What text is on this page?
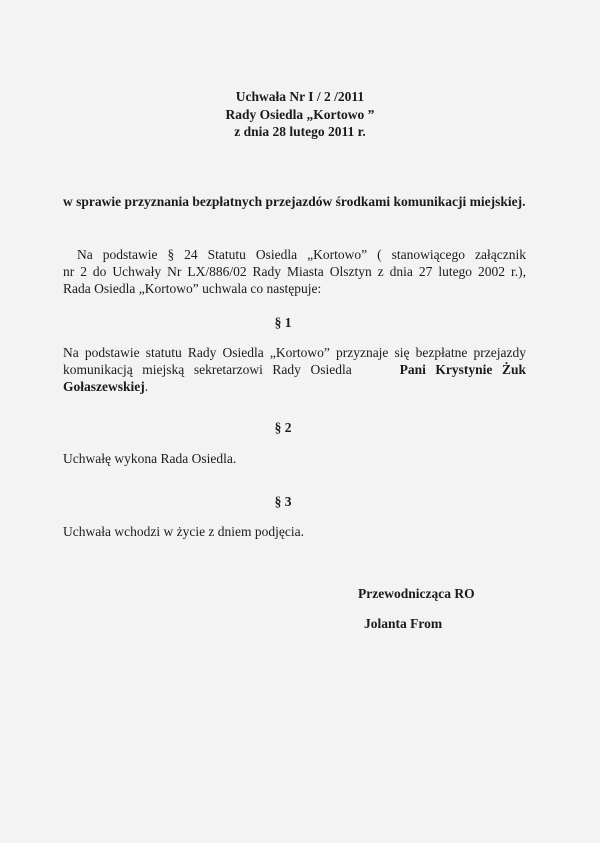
Uchwała Nr I / 2 /2011
Rady Osiedla „Kortowo ”
z dnia 28 lutego 2011 r.
w sprawie przyznania bezpłatnych przejazdów środkami komunikacji miejskiej.
Na podstawie § 24 Statutu Osiedla „Kortowo” ( stanowiącego załącznik
nr 2 do Uchwały Nr LX/886/02 Rady Miasta Olsztyn z dnia 27 lutego 2002 r.),
Rada Osiedla „Kortowo” uchwala co następuje:
§ 1
Na podstawie statutu Rady Osiedla „Kortowo” przyznaje się bezpłatne przejazdy
komunikacją miejską sekretarzowi Rady Osiedla	Pani Krystynie Żuk
Gołaszewskiej.
§ 2
Uchwałę wykona Rada Osiedla.
§ 3
Uchwała wchodzi w życie z dniem podjęcia.
Przewodnicząca RO
Jolanta From
